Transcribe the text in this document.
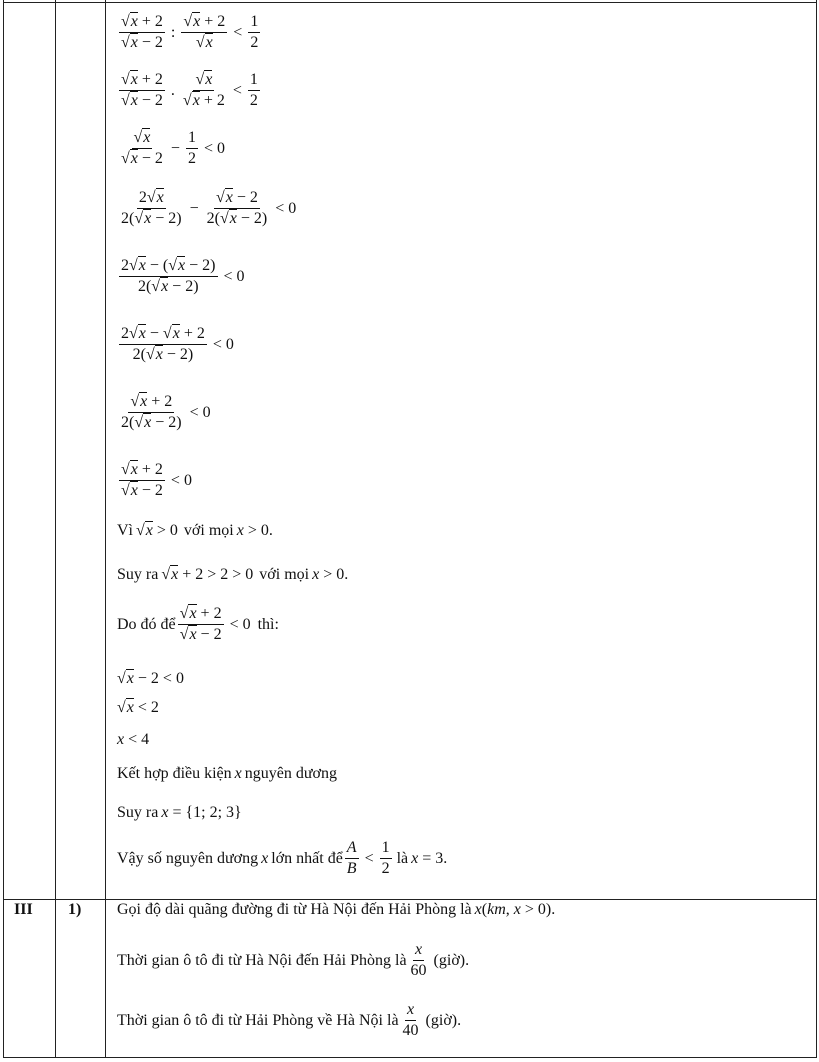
$\frac{√x + 2}{√x - 2}$ : $\frac{√x + 2}{√x} < \frac{1}{2}$
$\frac{√x + 2}{√x - 2}$ . $\frac{√x}{√x + 2} < \frac{1}{2}$
$\frac{√x}{√x - 2} - \frac{1}{2} < 0$
$\frac{2√x}{2(√x - 2)} - \frac{√x - 2}{2(√x - 2)} < 0$
$\frac{2√x - (√x - 2)}{2(√x - 2)} < 0$
$\frac{2√x - √x + 2}{2(√x - 2)} < 0$
$\frac{√x + 2}{2(√x - 2)} < 0$
$\frac{√x + 2}{√x - 2} < 0$
Vì √x > 0 với mọi x > 0 .
Suy ra √x + 2 > 2 > 0 với mọi x > 0 .
Do đó để $\frac{√x + 2}{√x - 2} < 0$ thì:
√x − 2 < 0
√x < 2
x < 4
Kết hợp điều kiện x nguyên dương
Suy ra x = {1; 2; 3}
Vậy số nguyên dương x lớn nhất để $\frac{A}{B} < \frac{1}{2}$ là x = 3.
III 1) Gọi độ dài quãng đường đi từ Hà Nội đến Hải Phòng là x(km, x > 0).
Thời gian ô tô đi từ Hà Nội đến Hải Phòng là $\frac{x}{60}$ (giờ).
Thời gian ô tô đi từ Hải Phòng về Hà Nội là $\frac{x}{40}$ (giờ).
